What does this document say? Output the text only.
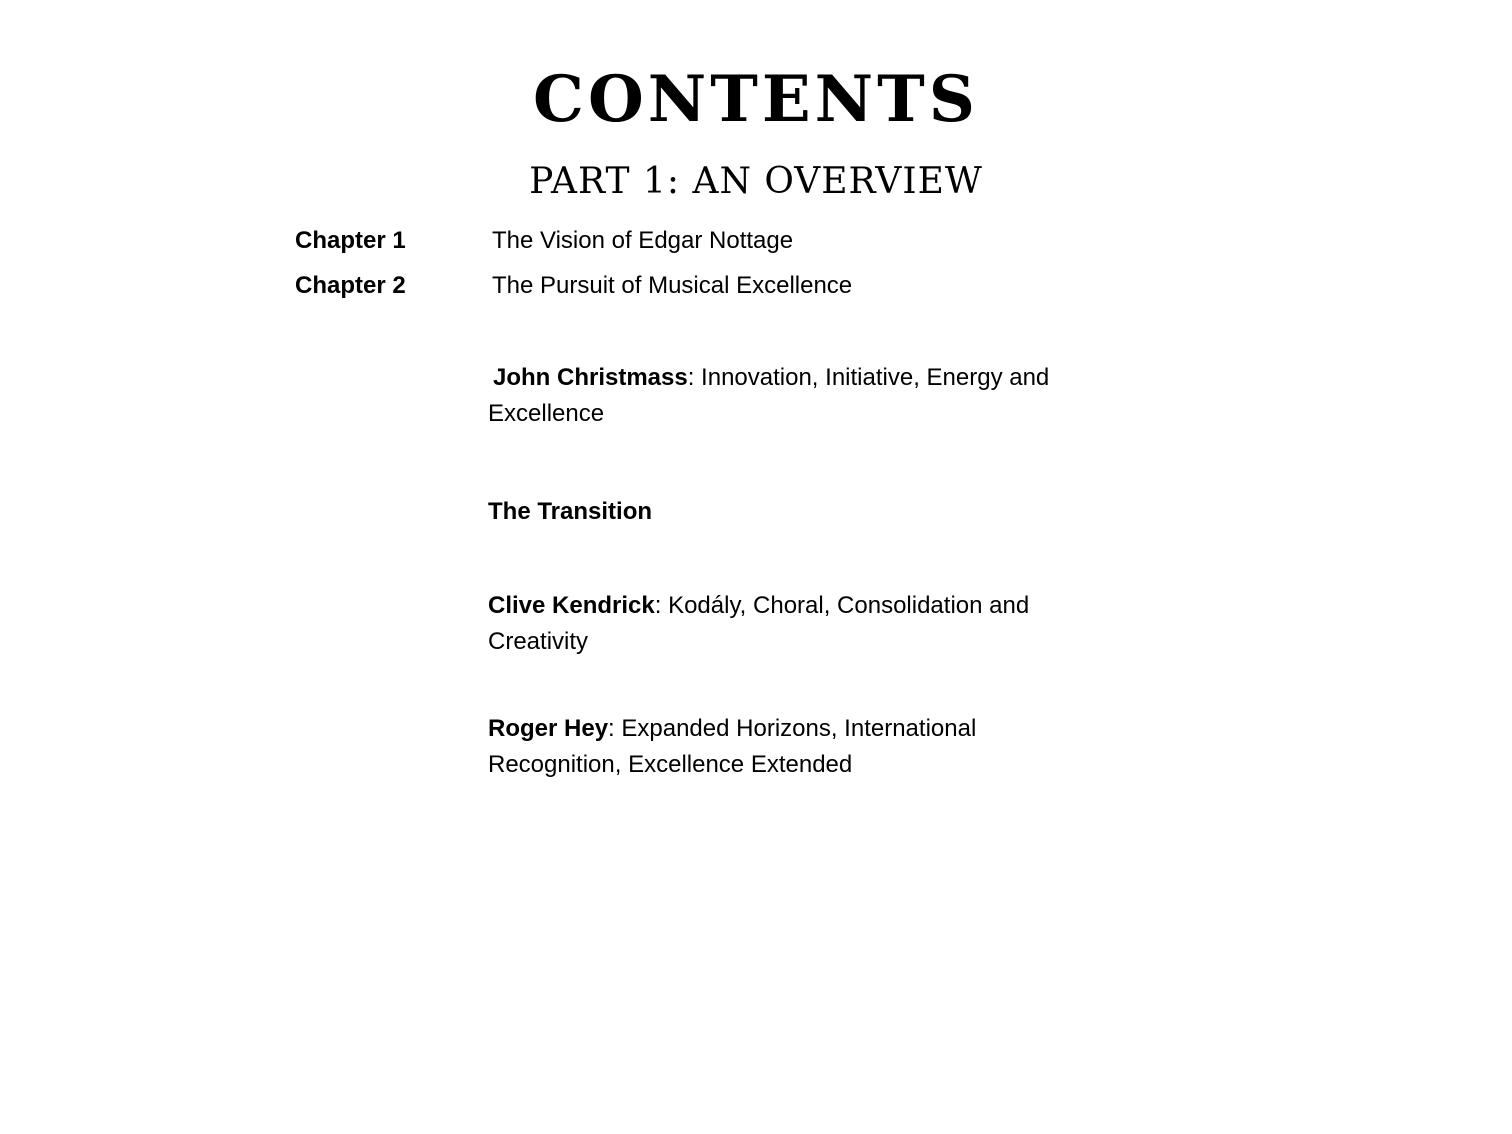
CONTENTS
PART 1: AN OVERVIEW
Chapter 1	The Vision of Edgar Nottage
Chapter 2	The Pursuit of Musical Excellence
John Christmass: Innovation, Initiative, Energy and Excellence
The Transition
Clive Kendrick: Kodály, Choral, Consolidation and Creativity
Roger Hey: Expanded Horizons, International Recognition, Excellence Extended
